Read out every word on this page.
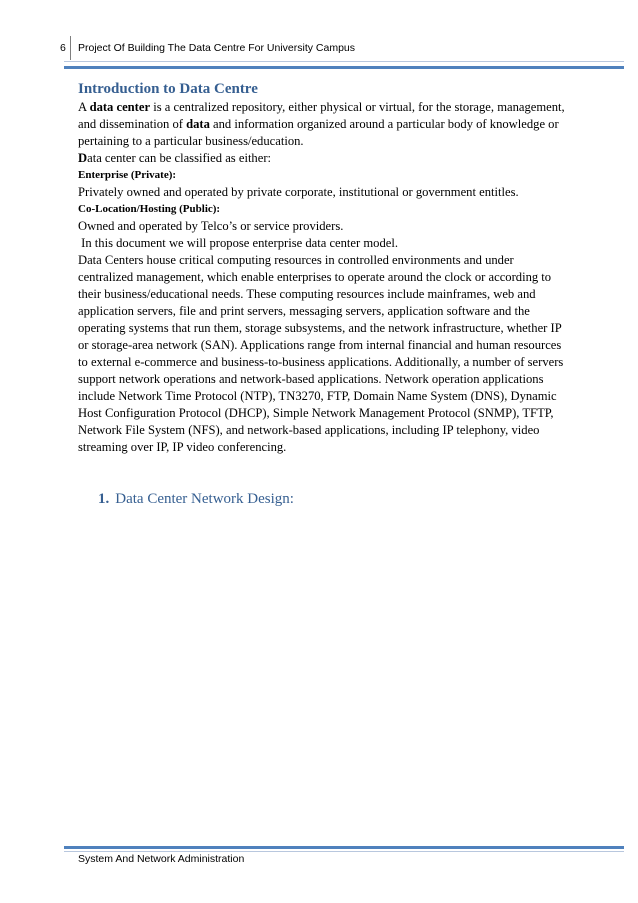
6 Project Of Building The Data Centre For University Campus
Introduction to Data Centre

A data center is a centralized repository, either physical or virtual, for the storage, management, and dissemination of data and information organized around a particular body of knowledge or pertaining to a particular business/education.

Data center can be classified as either:

Enterprise (Private):

Privately owned and operated by private corporate, institutional or government entitles.

Co-Location/Hosting (Public):

Owned and operated by Telco’s or service providers.

In this document we will propose enterprise data center model.

Data Centers house critical computing resources in controlled environments and under centralized management, which enable enterprises to operate around the clock or according to their business/educational needs. These computing resources include mainframes, web and application servers, file and print servers, messaging servers, application software and the operating systems that run them, storage subsystems, and the network infrastructure, whether IP or storage-area network (SAN). Applications range from internal financial and human resources to external e-commerce and business-to-business applications. Additionally, a number of servers support network operations and network-based applications. Network operation applications include Network Time Protocol (NTP), TN3270, FTP, Domain Name System (DNS), Dynamic Host Configuration Protocol (DHCP), Simple Network Management Protocol (SNMP), TFTP, Network File System (NFS), and network-based applications, including IP telephony, video streaming over IP, IP video conferencing.

1. Data Center Network Design:
System And Network Administration
